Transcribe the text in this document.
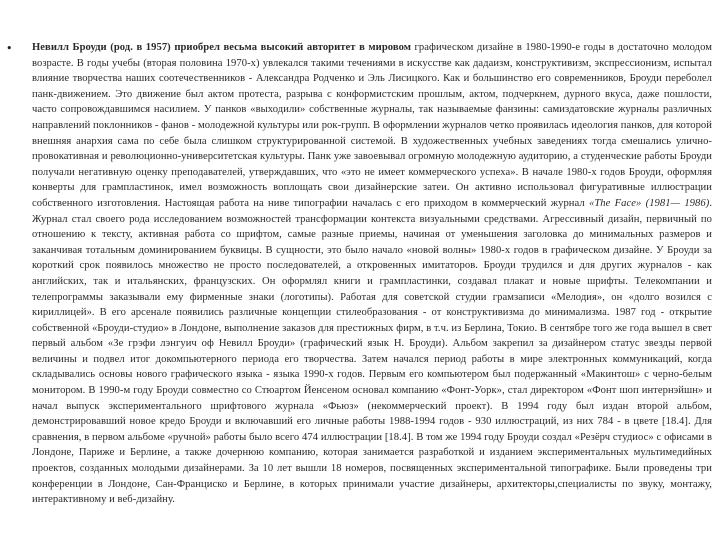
• Невилл Броуди (род. в 1957) приобрел весьма высокий авторитет в мировом графическом дизайне в 1980-1990-е годы в достаточно молодом возрасте. В годы учебы (вторая половина 1970-х) увлекался такими течениями в искусстве как дадаизм, конструктивизм, экспрессионизм, испытал влияние творчества наших соотечественников - Александра Родченко и Эль Лисицкого. Как и большинство его современников, Броуди переболел панк-движением. Это движение был актом протеста, разрыва с конформистским прошлым, актом, подчеркнем, дурного вкуса, даже пошлости, часто сопровождавшимся насилием. У панков «выходили» собственные журналы, так называемые фанзины: самиздатовские журналы различных направлений поклонников - фанов - молодежной культуры или рок-групп. В оформлении журналов четко проявилась идеология панков, для которой внешняя анархия сама по себе была слишком структурированной системой. В художественных учебных заведениях тогда смешались улично-провокативная и революционно-университетская культуры. Панк уже завоевывал огромную молодежную аудиторию, а студенческие работы Броуди получали негативную оценку преподавателей, утверждавших, что «это не имеет коммерческого успеха». В начале 1980-х годов Броуди, оформляя конверты для грампластинок, имел возможность воплощать свои дизайнерские затеи. Он активно использовал фигуративные иллюстрации собственного изготовления. Настоящая работа на ниве типографии началась с его приходом в коммерческий журнал «The Face» (1981— 1986). Журнал стал своего рода исследованием возможностей трансформации контекста визуальными средствами. Агрессивный дизайн, первичный по отношению к тексту, активная работа со шрифтом, самые разные приемы, начиная от уменьшения заголовка до минимальных размеров и заканчивая тотальным доминированием буквицы. В сущности, это было начало «новой волны» 1980-х годов в графическом дизайне. У Броуди за короткий срок появилось множество не просто последователей, а откровенных имитаторов. Броуди трудился и для других журналов - как английских, так и итальянских, французских. Он оформлял книги и грампластинки, создавал плакат и новые шрифты. Телекомпании и телепрограммы заказывали ему фирменные знаки (логотипы). Работая для советской студии грамзаписи «Мелодия», он «долго возился с кириллицей». В его арсенале появились различные концепции стилеобразования - от конструктивизма до минимализма. 1987 год - открытие собственной «Броуди-студио» в Лондоне, выполнение заказов для престижных фирм, в т.ч. из Берлина, Токио. В сентябре того же года вышел в свет первый альбом «Зе грэфи лэнгуич оф Невилл Броуди» (графический язык Н. Броуди). Альбом закрепил за дизайнером статус звезды первой величины и подвел итог докомпьютерного периода его творчества. Затем начался период работы в мире электронных коммуникаций, когда складывались основы нового графического языка - языка 1990-х годов. Первым его компьютером был подержанный «Макинтош» с черно-белым монитором. В 1990-м году Броуди совместно со Стюартом Йенсеном основал компанию «Фонт-Уорк», стал директором «Фонт шоп интернэйшн» и начал выпуск экспериментального шрифтового журнала «Фьюз» (некоммерческий проект). В 1994 году был издан второй альбом, демонстрировавший новое кредо Броуди и включавший его личные работы 1988-1994 годов - 930 иллюстраций, из них 784 - в цвете [18.4]. Для сравнения, в первом альбоме «ручной» работы было всего 474 иллюстрации [18.4]. В том же 1994 году Броуди создал «Резёрч студиос» с офисами в Лондоне, Париже и Берлине, а также дочернюю компанию, которая занимается разработкой и изданием экспериментальных мультимедийных проектов, созданных молодыми дизайнерами. За 10 лет вышли 18 номеров, посвященных экспериментальной типографике. Были проведены три конференции в Лондоне, Сан-Франциско и Берлине, в которых принимали участие дизайнеры, архитекторы,специалисты по звуку, монтажу, интерактивному и веб-дизайну.
